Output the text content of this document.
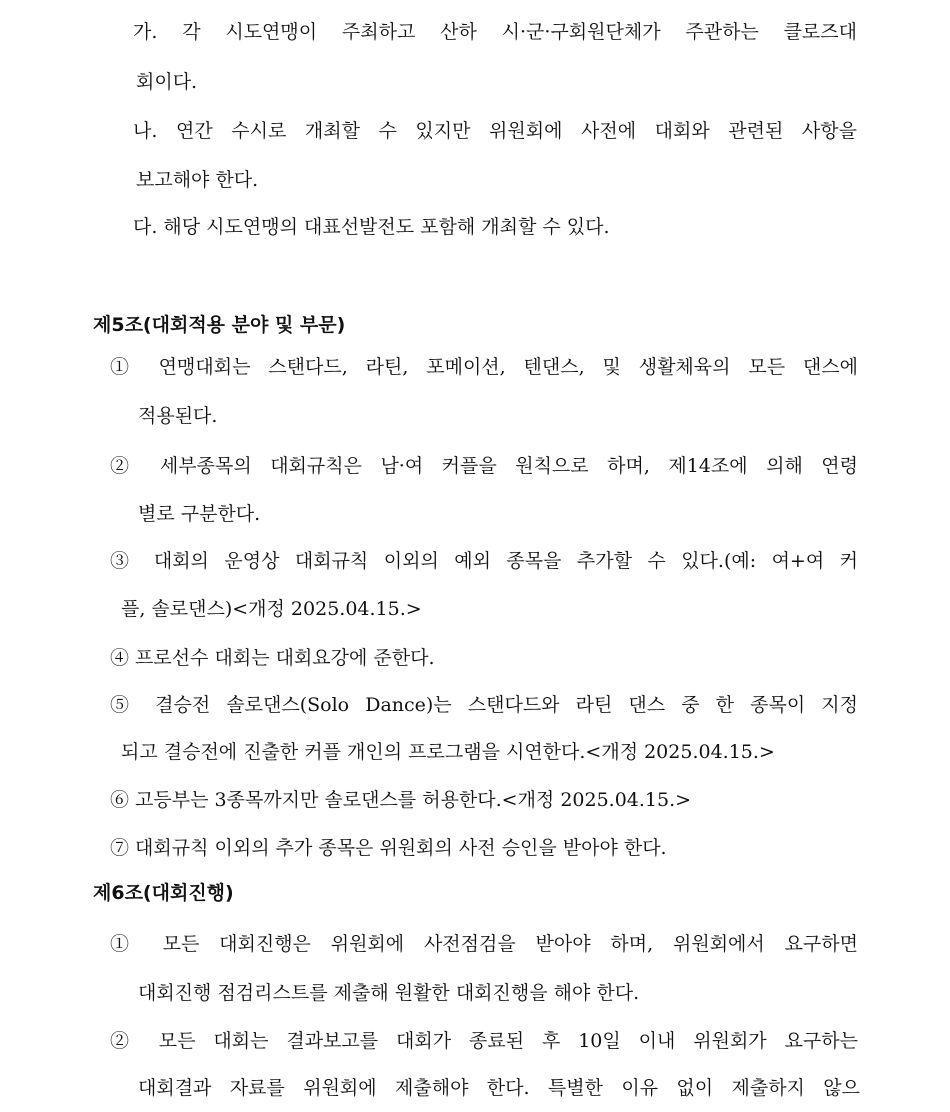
가. 각 시도연맹이 주최하고 산하 시·군·구회원단체가 주관하는 클로즈대
회이다.
나. 연간 수시로 개최할 수 있지만 위원회에 사전에 대회와 관련된 사항을
보고해야 한다.
다. 해당 시도연맹의 대표선발전도 포함해 개최할 수 있다.
제5조(대회적용 분야 및 부문)
① 연맹대회는 스탠다드, 라틴, 포메이션, 텐댄스, 및 생활체육의 모든 댄스에
적용된다.
② 세부종목의 대회규칙은 남·여 커플을 원칙으로 하며, 제14조에 의해 연령
별로 구분한다.
③ 대회의 운영상 대회규칙 이외의 예외 종목을 추가할 수 있다.(예: 여+여 커
플, 솔로댄스)<개정 2025.04.15.>
④ 프로선수 대회는 대회요강에 준한다.
⑤ 결승전 솔로댄스(Solo Dance)는 스탠다드와 라틴 댄스 중 한 종목이 지정
되고 결승전에 진출한 커플 개인의 프로그램을 시연한다.<개정 2025.04.15.>
⑥ 고등부는 3종목까지만 솔로댄스를 허용한다.<개정 2025.04.15.>
⑦ 대회규칙 이외의 추가 종목은 위원회의 사전 승인을 받아야 한다.
제6조(대회진행)
① 모든 대회진행은 위원회에 사전점검을 받아야 하며, 위원회에서 요구하면
대회진행 점검리스트를 제출해 원활한 대회진행을 해야 한다.
② 모든 대회는 결과보고를 대회가 종료된 후 10일 이내 위원회가 요구하는
대회결과 자료를 위원회에 제출해야 한다. 특별한 이유 없이 제출하지 않으
